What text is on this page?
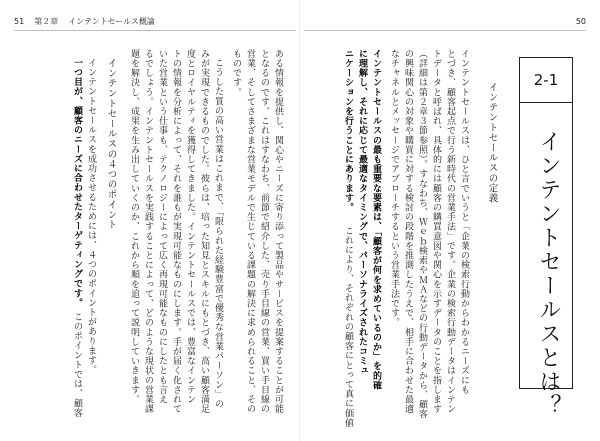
51 第２章 インテントセールス概論	50
2-1
インテントセールスとは？
インテントセールスの定義
インテントセールスは、ひと言でいうと「企業の検索行動からわかるニーズにも
とづき、顧客起点で行う新時代の営業手法」です。企業の検索行動データはインテン
トデータと呼ばれ、具体的には顧客の購買意図や関心を示すデータのことを指します
（詳細は第２章３節参照）。すなわち、Ｗｅｂ検索やＭＡなどの行動データから、顧客
の興味関心の対象や購買に対する検討の段階を推測したうえで、相手に合わせた最適
なチャネルとメッセージでアプローチするという営業手法です。
インテントセールスの最も重要な要素は、「顧客が何を求めているのか」を的確
に理解し、それに応じて最適なタイミングで、パーソナライズされたコミュ
ニケーションを行うことにあります。
これにより、それぞれの顧客にとって真に価値
ある情報を提供し、関心やニーズに寄り添って製品やサービスを提案することが可能
となるのです。これはすなわち、前節で紹介した、売り手目線の営業、買い手目線の
営業、そしてさまざまな営業モデルで生じている課題の解決に求められること、その
ものです。
こうした質の高い営業はこれまで、「限られた経験豊富で優秀な営業パーソン」の
みが実現できるものでした。彼らは、培った知見とスキルにもとづき、高い顧客満足
度とロイヤルティを獲得してきました。インテントセールスでは、豊富なインテン
トの情報を分析によって、それを誰もが実現可能なものにします。手が届く化されて
いた営業という仕事も、テクノロジーによって広く再現可能なものにしたとも言え
るでしょう。インテントセールスを実践することによって、どのような現状の営業課
題を解決し、成果を生み出していくのか、これから順を追って説明していきます。
インテントセールスの４つのポイント
インテントセールスを成功させるためには、４つのポイントがあります。
一つ目が、顧客のニーズに合わせたターゲティングです。
このポイントでは、顧客
